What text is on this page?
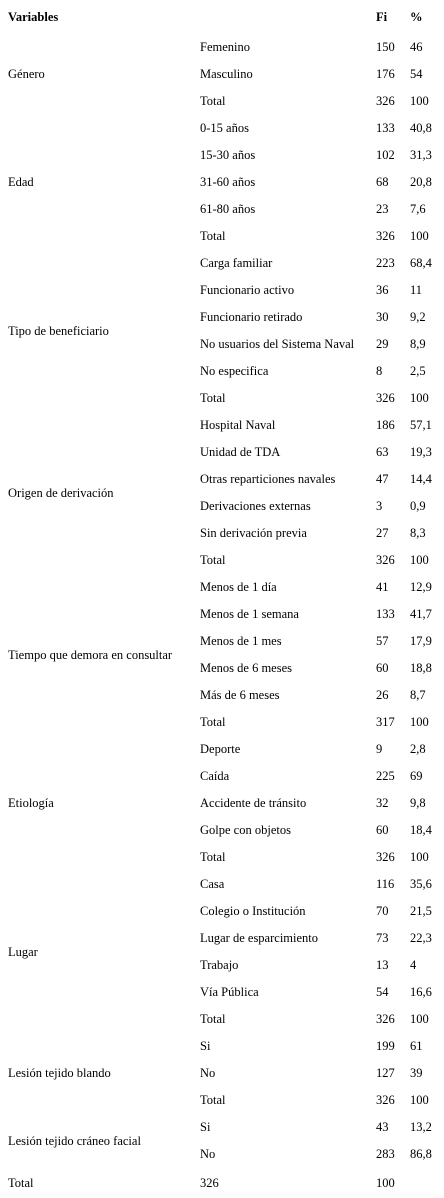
Variables		Fi	%
Género	Femenino	150	46
	Masculino	176	54
	Total	326	100
Edad	0-15 años	133	40,8
	15-30 años	102	31,3
	31-60 años	68	20,8
	61-80 años	23	7,6
	Total	326	100
Tipo de beneficiario	Carga familiar	223	68,4
	Funcionario activo	36	11
	Funcionario retirado	30	9,2
	No usuarios del Sistema Naval	29	8,9
	No especifica	8	2,5
	Total	326	100
Origen de derivación	Hospital Naval	186	57,1
	Unidad de TDA	63	19,3
	Otras reparticiones navales	47	14,4
	Derivaciones externas	3	0,9
	Sin derivación previa	27	8,3
	Total	326	100
Tiempo que demora en consultar	Menos de 1 día	41	12,9
	Menos de 1 semana	133	41,7
	Menos de 1 mes	57	17,9
	Menos de 6 meses	60	18,8
	Más de 6 meses	26	8,7
	Total	317	100
Etiología	Deporte	9	2,8
	Caída	225	69
	Accidente de tránsito	32	9,8
	Golpe con objetos	60	18,4
	Total	326	100
Lugar	Casa	116	35,6
	Colegio o Institución	70	21,5
	Lugar de esparcimiento	73	22,3
	Trabajo	13	4
	Vía Pública	54	16,6
	Total	326	100
Lesión tejido blando	Si	199	61
	No	127	39
	Total	326	100
Lesión tejido cráneo facial	Si	43	13,2
	No	283	86,8
Total	326	100	
